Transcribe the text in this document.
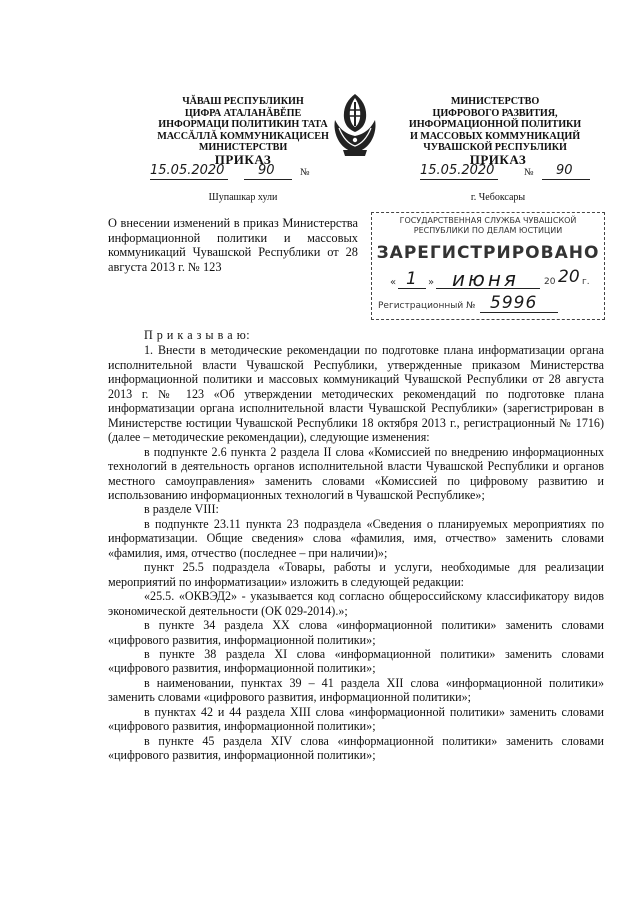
ЧĂВАШ РЕСПУБЛИКИН
ЦИФРА АТАЛАНĂВĔПЕ
ИНФОРМАЦИ ПОЛИТИКИН ТАТА
МАССĂЛЛĂ КОММУНИКАЦИСЕН
МИНИСТЕРСТВИ
ПРИКАЗ
15.05.2020	90	№
Шупашкар хули
МИНИСТЕРСТВО
ЦИФРОВОГО РАЗВИТИЯ,
ИНФОРМАЦИОННОЙ ПОЛИТИКИ
И МАССОВЫХ КОММУНИКАЦИЙ
ЧУВАШСКОЙ РЕСПУБЛИКИ
ПРИКАЗ
15.05.2020	№ 90
г. Чебоксары
О внесении изменений в приказ Министерства информационной политики и массовых коммуникаций Чувашской Республики от 28 августа 2013 г. № 123
ГОСУДАРСТВЕННАЯ СЛУЖБА ЧУВАШСКОЙ
РЕСПУБЛИКИ ПО ДЕЛАМ ЮСТИЦИИ
ЗАРЕГИСТРИРОВАНО
« 1 » июня	20 20 г.
Регистрационный № 5996

П р и к а з ы в а ю:

1. Внести в методические рекомендации по подготовке плана информатизации органа исполнительной власти Чувашской Республики, утвержденные приказом Министерства информационной политики и массовых коммуникаций Чувашской Республики от 28 августа 2013 г. № 123 «Об утверждении методических рекомендаций по подготовке плана информатизации органа исполнительной власти Чувашской Республики» (зарегистрирован в Министерстве юстиции Чувашской Республики 18 октября 2013 г., регистрационный № 1716) (далее – методические рекомендации), следующие изменения:

в подпункте 2.6 пункта 2 раздела II слова «Комиссией по внедрению информационных технологий в деятельность органов исполнительной власти Чувашской Республики и органов местного самоуправления» заменить словами «Комиссией по цифровому развитию и использованию информационных технологий в Чувашской Республике»;

в разделе VIII:

в подпункте 23.11 пункта 23 подраздела «Сведения о планируемых мероприятиях по информатизации. Общие сведения» слова «фамилия, имя, отчество» заменить словами «фамилия, имя, отчество (последнее – при наличии)»;

пункт 25.5 подраздела «Товары, работы и услуги, необходимые для реализации мероприятий по информатизации» изложить в следующей редакции:

«25.5. «ОКВЭД2» - указывается код согласно общероссийскому классификатору видов экономической деятельности (ОК 029-2014).»;

в пункте 34 раздела XX слова «информационной политики» заменить словами «цифрового развития, информационной политики»;

в пункте 38 раздела XI слова «информационной политики» заменить словами «цифрового развития, информационной политики»;

в наименовании, пунктах 39 – 41 раздела XII слова «информационной политики» заменить словами «цифрового развития, информационной политики»;

в пунктах 42 и 44 раздела XIII слова «информационной политики» заменить словами «цифрового развития, информационной политики»;

в пункте 45 раздела XIV слова «информационной политики» заменить словами «цифрового развития, информационной политики»;
